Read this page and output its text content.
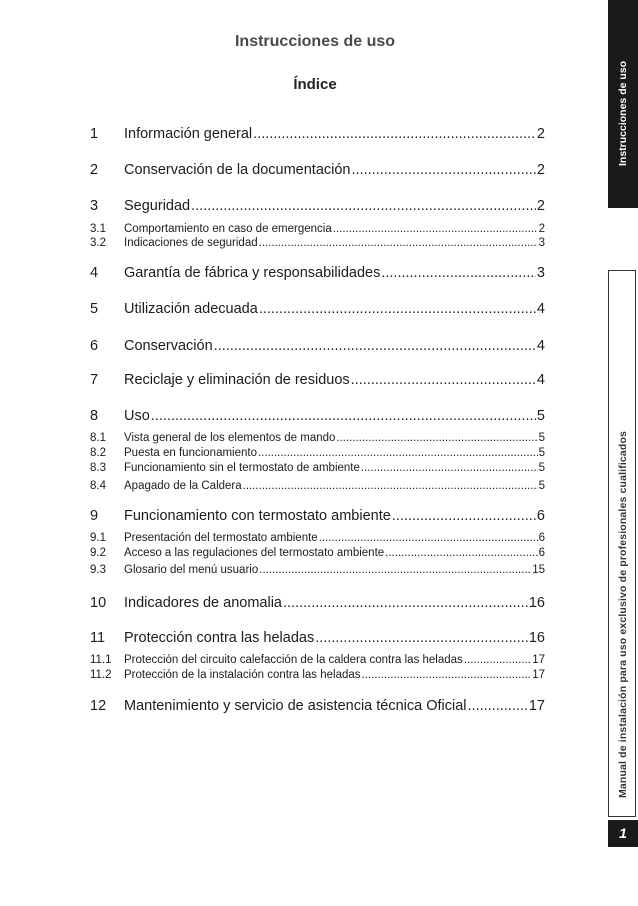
Instrucciones de uso
Índice
1 Información general .....	2
2 Conservación de la documentación .....	2
3 Seguridad .....	2
3.1 Comportamiento en caso de emergencia .....	2
3.2 Indicaciones de seguridad .....	3
4 Garantía de fábrica y responsabilidades .....	3
5 Utilización adecuada .....	4
6 Conservación .....	4
7 Reciclaje y eliminación de residuos .....	4
8 Uso .....	5
8.1 Vista general de los elementos de mando .....	5
8.2 Puesta en funcionamiento .....	5
8.3 Funcionamiento sin el termostato de ambiente .....	5
8.4 Apagado de la Caldera .....	5
9 Funcionamiento con termostato ambiente .....	6
9.1 Presentación del termostato ambiente .....	6
9.2 Acceso a las regulaciones del termostato ambiente .....	6
9.3 Glosario del menú usuario .....	15
10 Indicadores de anomalia .....	16
11 Protección contra las heladas .....	16
11.1 Protección del circuito calefacción de la caldera contra las heladas .....	17
11.2 Protección de la instalación contra las heladas .....	17
12 Mantenimiento y servicio de asistencia técnica Oficial .....	17
Instrucciones de uso
Manual de instalación para uso exclusivo de profesionales cualificados
1
